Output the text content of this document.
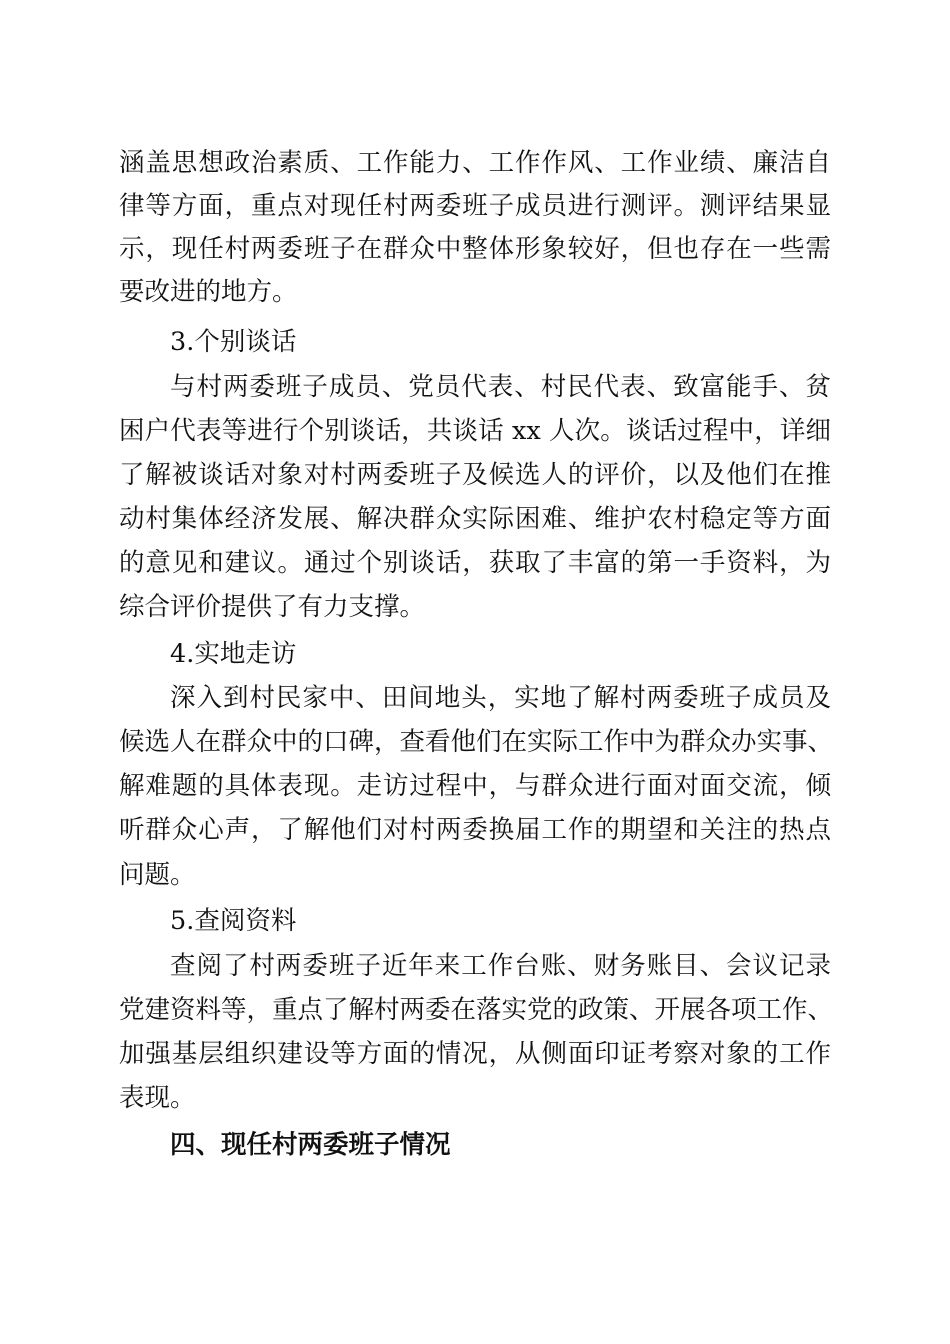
涵盖思想政治素质、工作能力、工作作风、工作业绩、廉洁自
律等方面，重点对现任村两委班子成员进行测评。测评结果显
示，现任村两委班子在群众中整体形象较好，但也存在一些需
要改进的地方。
3.个别谈话
与村两委班子成员、党员代表、村民代表、致富能手、贫
困户代表等进行个别谈话，共谈话 xx 人次。谈话过程中，详细
了解被谈话对象对村两委班子及候选人的评价，以及他们在推
动村集体经济发展、解决群众实际困难、维护农村稳定等方面
的意见和建议。通过个别谈话，获取了丰富的第一手资料，为
综合评价提供了有力支撑。
4.实地走访
深入到村民家中、田间地头，实地了解村两委班子成员及
候选人在群众中的口碑，查看他们在实际工作中为群众办实事、
解难题的具体表现。走访过程中，与群众进行面对面交流，倾
听群众心声，了解他们对村两委换届工作的期望和关注的热点
问题。
5.查阅资料
查阅了村两委班子近年来工作台账、财务账目、会议记录
党建资料等，重点了解村两委在落实党的政策、开展各项工作、
加强基层组织建设等方面的情况，从侧面印证考察对象的工作
表现。
四、现任村两委班子情况
